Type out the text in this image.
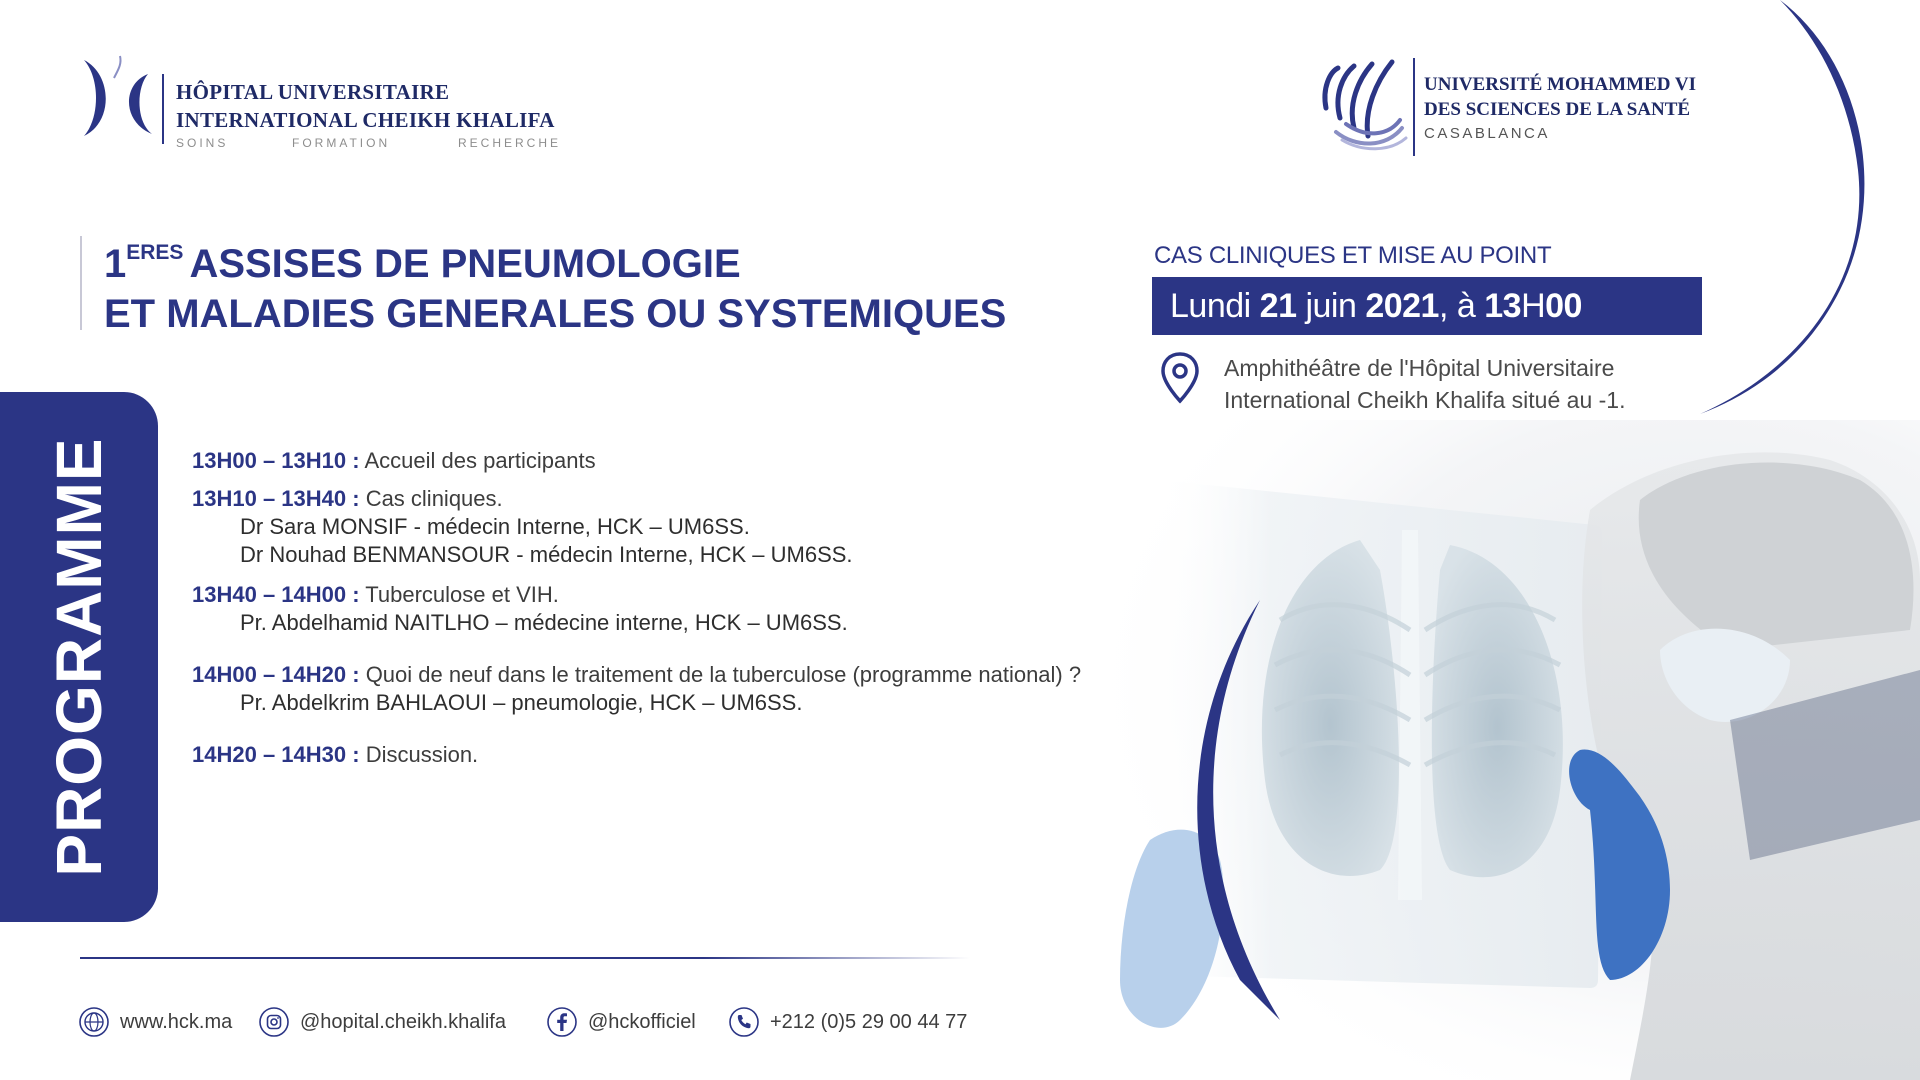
HÔPITAL UNIVERSITAIRE
INTERNATIONAL CHEIKH KHALIFA
SOINS	FORMATION	RECHERCHE
UNIVERSITÉ MOHAMMED VI
DES SCIENCES DE LA SANTÉ
CASABLANCA
$1^{ERES}$ ASSISES DE PNEUMOLOGIE
ET MALADIES GENERALES OU SYSTEMIQUES
CAS CLINIQUES ET MISE AU POINT
Lundi 21 juin 2021, à 13H00
Amphithéâtre de l'Hôpital Universitaire
International Cheikh Khalifa situé au -1.
PROGRAMME	13H00 – 13H10 : Accueil des participants
13H10 – 13H40 : Cas cliniques.
Dr Sara MONSIF - médecin Interne, HCK – UM6SS.
Dr Nouhad BENMANSOUR - médecin Interne, HCK – UM6SS.
13H40 – 14H00 : Tuberculose et VIH.
Pr. Abdelhamid NAITLHO – médecine interne, HCK – UM6SS.
14H00 – 14H20 : Quoi de neuf dans le traitement de la tuberculose (programme national) ?
Pr. Abdelkrim BAHLAOUI – pneumologie, HCK – UM6SS.
14H20 – 14H30 : Discussion.
www.hck.ma	@hopital.cheikh.khalifa	@hckofficiel	+212 (0)5 29 00 44 77
